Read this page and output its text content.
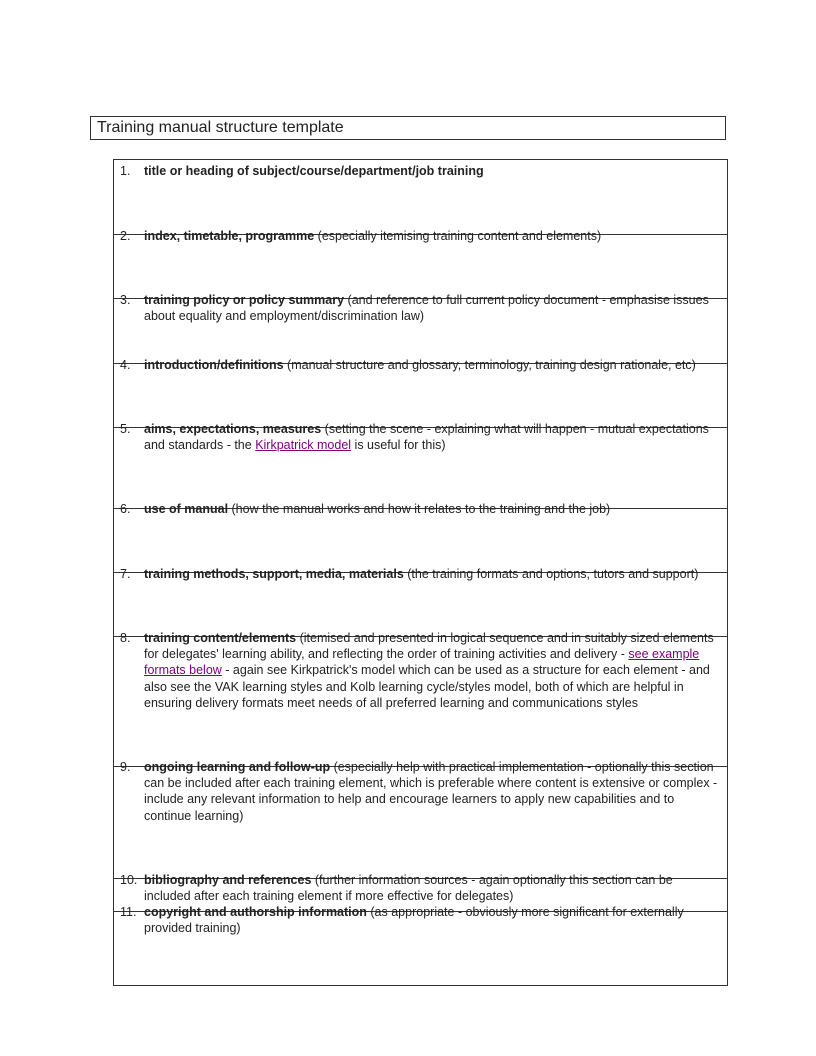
Training manual structure template
1.	title or heading of subject/course/department/job training
2.	index, timetable, programme (especially itemising training content and elements)
3.	training policy or policy summary (and reference to full current policy document - emphasise issues about equality and employment/discrimination law)
4.	introduction/definitions (manual structure and glossary, terminology, training design rationale, etc)
5.	aims, expectations, measures (setting the scene - explaining what will happen - mutual expectations and standards - the Kirkpatrick model is useful for this)
6.	use of manual (how the manual works and how it relates to the training and the job)
7.	training methods, support, media, materials (the training formats and options, tutors and support)
8.	training content/elements (itemised and presented in logical sequence and in suitably sized elements for delegates' learning ability, and reflecting the order of training activities and delivery - see example formats below - again see Kirkpatrick's model which can be used as a structure for each element - and also see the VAK learning styles and Kolb learning cycle/styles model, both of which are helpful in ensuring delivery formats meet needs of all preferred learning and communications styles
9.	ongoing learning and follow-up (especially help with practical implementation - optionally this section can be included after each training element, which is preferable where content is extensive or complex - include any relevant information to help and encourage learners to apply new capabilities and to continue learning)
10. bibliography and references (further information sources - again optionally this section can be included after each training element if more effective for delegates)
11. copyright and authorship information (as appropriate - obviously more significant for externally provided training)
